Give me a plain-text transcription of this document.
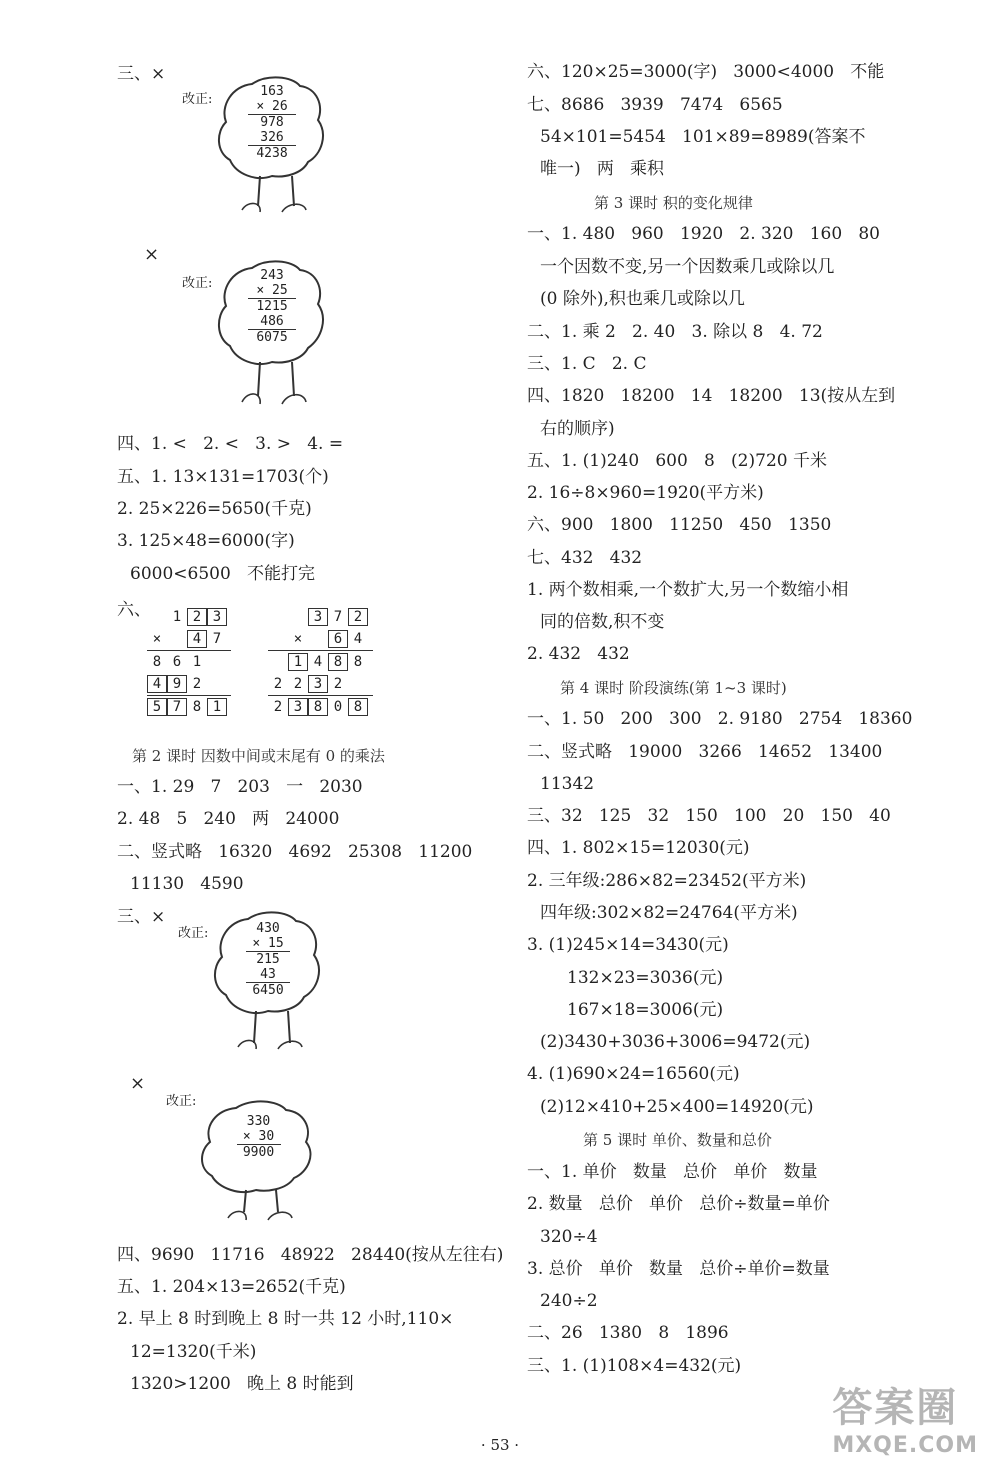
三、×
改正:
163
× 26
978
326
4238
×
改正:
243
× 25
1215
486
6075
四、1. <   2. <   3. >   4. =
五、1. 13×131=1703(个)
2. 25×226=5650(千克)
3. 125×48=6000(字)
6000<6500   不能打完
六、	1 2 3
×	4 7
8 6 1
4 9 2
5 7 8 1
3 7 2
×	6 4
1 4 8 8
2 2 3 2
2 3 8 0 8
第 2 课时 因数中间或末尾有 0 的乘法
一、1. 29   7   203   一   2030
2. 48   5   240   两   24000
二、竖式略   16320   4692   25308   11200
11130   4590
三、×
改正:	430
× 15
215
43
6450
×
改正:
330
× 30
9900
四、9690   11716   48922   28440(按从左往右)
五、1. 204×13=2652(千克)
2. 早上 8 时到晚上 8 时一共 12 小时,110×
12=1320(千米)
1320>1200   晚上 8 时能到
六、120×25=3000(字)   3000<4000   不能
七、8686   3939   7474   6565
54×101=5454   101×89=8989(答案不
唯一)   两   乘积
第 3 课时 积的变化规律
一、1. 480   960   1920   2. 320   160   80
一个因数不变,另一个因数乘几或除以几
(0 除外),积也乘几或除以几
二、1. 乘 2   2. 40   3. 除以 8   4. 72
三、1. C   2. C
四、1820   18200   14   18200   13(按从左到
右的顺序)
五、1. (1)240   600   8   (2)720 千米
2. 16÷8×960=1920(平方米)
六、900   1800   11250   450   1350
七、432   432
1. 两个数相乘,一个数扩大,另一个数缩小相
同的倍数,积不变
2. 432   432
第 4 课时 阶段演练(第 1~3 课时)
一、1. 50   200   300   2. 9180   2754   18360
二、竖式略   19000   3266   14652   13400
11342
三、32   125   32   150   100   20   150   40
四、1. 802×15=12030(元)
2. 三年级:286×82=23452(平方米)
四年级:302×82=24764(平方米)
3. (1)245×14=3430(元)
132×23=3036(元)
167×18=3006(元)
(2)3430+3036+3006=9472(元)
4. (1)690×24=16560(元)
(2)12×410+25×400=14920(元)
第 5 课时 单价、数量和总价
一、1. 单价   数量   总价   单价   数量
2. 数量   总价   单价   总价÷数量=单价
320÷4
3. 总价   单价   数量   总价÷单价=数量
240÷2
二、26   1380   8   1896
三、1. (1)108×4=432(元)
· 53 ·
答案圈
MXQE.COM
